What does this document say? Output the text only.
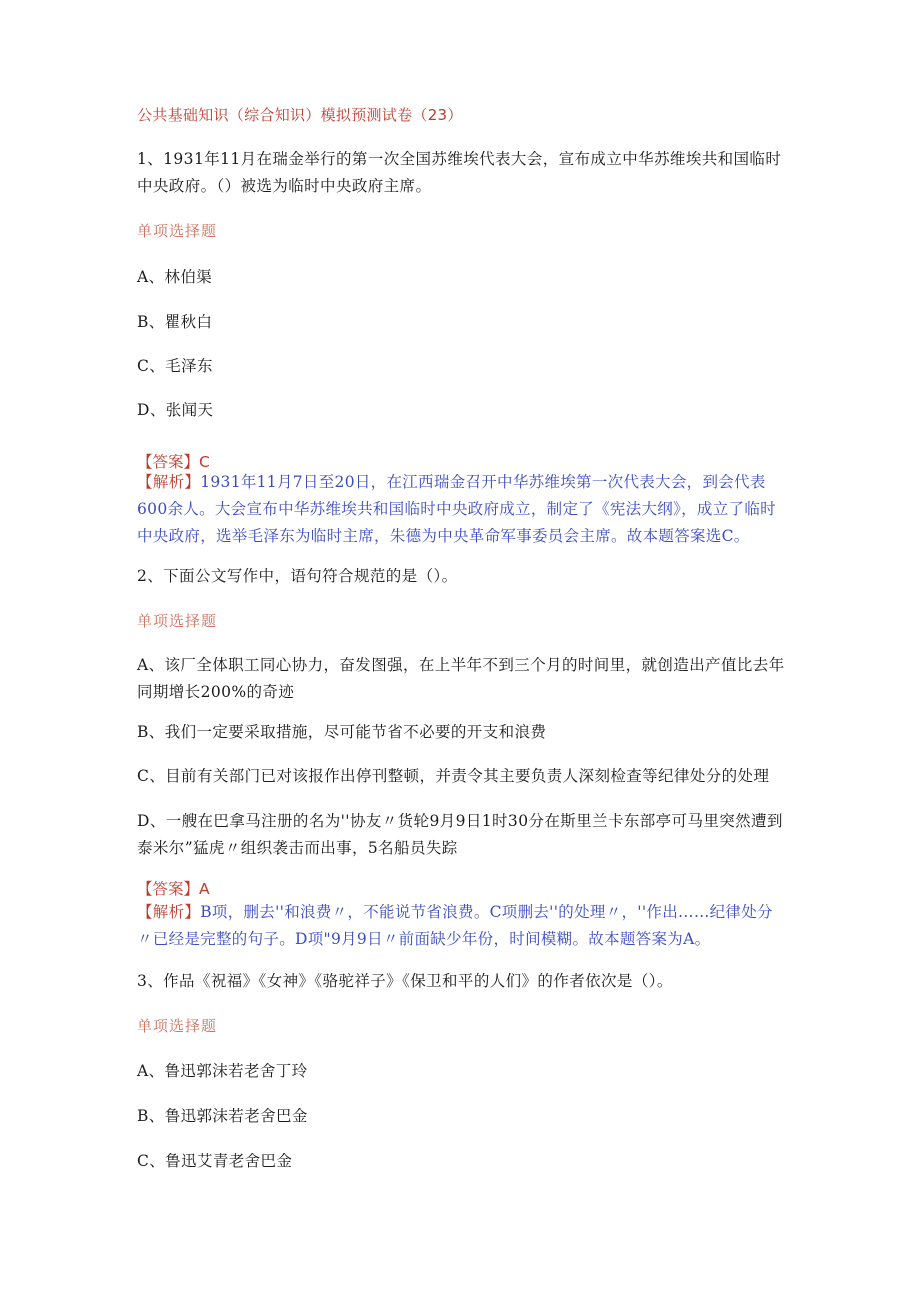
公共基础知识（综合知识）模拟预测试卷（23）
1、1931年11月在瑞金举行的第一次全国苏维埃代表大会，宣布成立中华苏维埃共和国临时中央政府。（）被选为临时中央政府主席。
单项选择题
A、林伯渠
B、瞿秋白
C、毛泽东
D、张闻天
【答案】C
【解析】1931年11月7日至20日，在江西瑞金召开中华苏维埃第一次代表大会，到会代表600余人。大会宣布中华苏维埃共和国临时中央政府成立，制定了《宪法大纲》，成立了临时中央政府，选举毛泽东为临时主席，朱德为中央革命军事委员会主席。故本题答案选C。
2、下面公文写作中，语句符合规范的是（）。
单项选择题
A、该厂全体职工同心协力，奋发图强，在上半年不到三个月的时间里，就创造出产值比去年同期增长200%的奇迹
B、我们一定要采取措施，尽可能节省不必要的开支和浪费
C、目前有关部门已对该报作出停刊整顿，并责令其主要负责人深刻检查等纪律处分的处理
D、一艘在巴拿马注册的名为''协友〃货轮9月9日1时30分在斯里兰卡东部亭可马里突然遭到泰米尔”猛虎〃组织袭击而出事，5名船员失踪
【答案】A
【解析】B项，删去''和浪费〃，不能说节省浪费。C项删去''的处理〃，''作出……纪律处分〃已经是完整的句子。D项"9月9日〃前面缺少年份，时间模糊。故本题答案为A。
3、作品《祝福》《女神》《骆驼祥子》《保卫和平的人们》的作者依次是（）。
单项选择题
A、鲁迅郭沫若老舍丁玲
B、鲁迅郭沫若老舍巴金
C、鲁迅艾青老舍巴金
